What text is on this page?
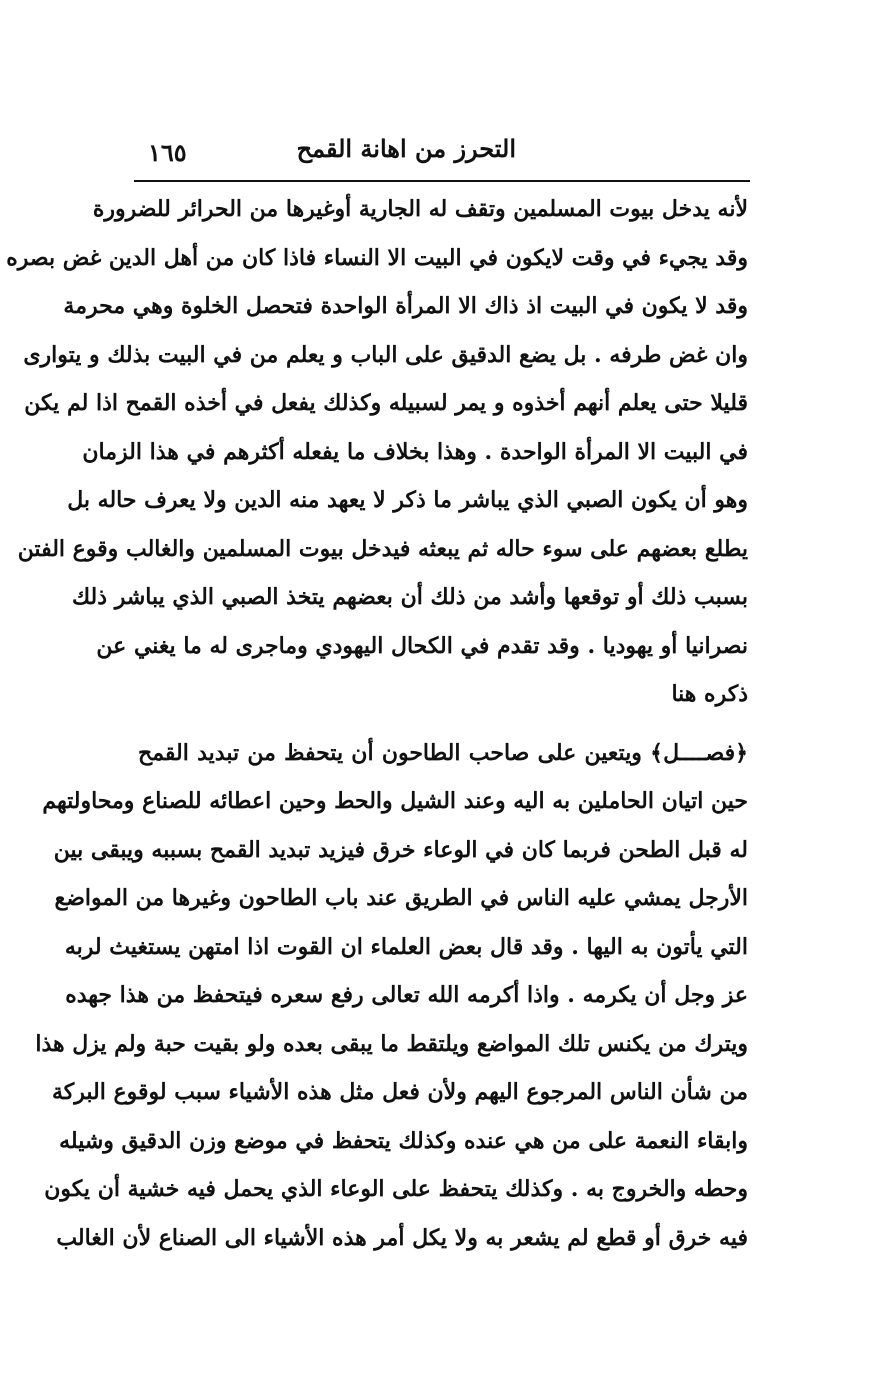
التحرز من اهانة القمح
١٦٥
لأنه يدخل بيوت المسلمين وتقف له الجارية أوغيرها من الحرائر للضرورة
وقد يجيء في وقت لايكون في البيت الا النساء فاذا كان من أهل الدين غض بصره
وقد لا يكون في البيت اذ ذاك الا المرأة الواحدة فتحصل الخلوة وهي محرمة
وان غض طرفه . بل يضع الدقيق على الباب و يعلم من في البيت بذلك و يتوارى
قليلا حتى يعلم أنهم أخذوه و يمر لسبيله وكذلك يفعل في أخذه القمح اذا لم يكن
في البيت الا المرأة الواحدة . وهذا بخلاف ما يفعله أكثرهم في هذا الزمان
وهو أن يكون الصبي الذي يباشر ما ذكر لا يعهد منه الدين ولا يعرف حاله بل
يطلع بعضهم على سوء حاله ثم يبعثه فيدخل بيوت المسلمين والغالب وقوع الفتن
بسبب ذلك أو توقعها وأشد من ذلك أن بعضهم يتخذ الصبي الذي يباشر ذلك
نصرانيا أو يهوديا . وقد تقدم في الكحال اليهودي وماجرى له ما يغني عن
ذكره هنا
﴿فصــــل﴾ ويتعين على صاحب الطاحون أن يتحفظ من تبديد القمح
حين اتيان الحاملين به اليه وعند الشيل والحط وحين اعطائه للصناع ومحاولتهم
له قبل الطحن فربما كان في الوعاء خرق فيزيد تبديد القمح بسببه ويبقى بين
الأرجل يمشي عليه الناس في الطريق عند باب الطاحون وغيرها من المواضع
التي يأتون به اليها . وقد قال بعض العلماء ان القوت اذا امتهن يستغيث لربه
عز وجل أن يكرمه . واذا أكرمه الله تعالى رفع سعره فيتحفظ من هذا جهده
ويترك من يكنس تلك المواضع ويلتقط ما يبقى بعده ولو بقيت حبة ولم يزل هذا
من شأن الناس المرجوع اليهم ولأن فعل مثل هذه الأشياء سبب لوقوع البركة
وابقاء النعمة على من هي عنده وكذلك يتحفظ في موضع وزن الدقيق وشيله
وحطه والخروج به . وكذلك يتحفظ على الوعاء الذي يحمل فيه خشية أن يكون
فيه خرق أو قطع لم يشعر به ولا يكل أمر هذه الأشياء الى الصناع لأن الغالب
